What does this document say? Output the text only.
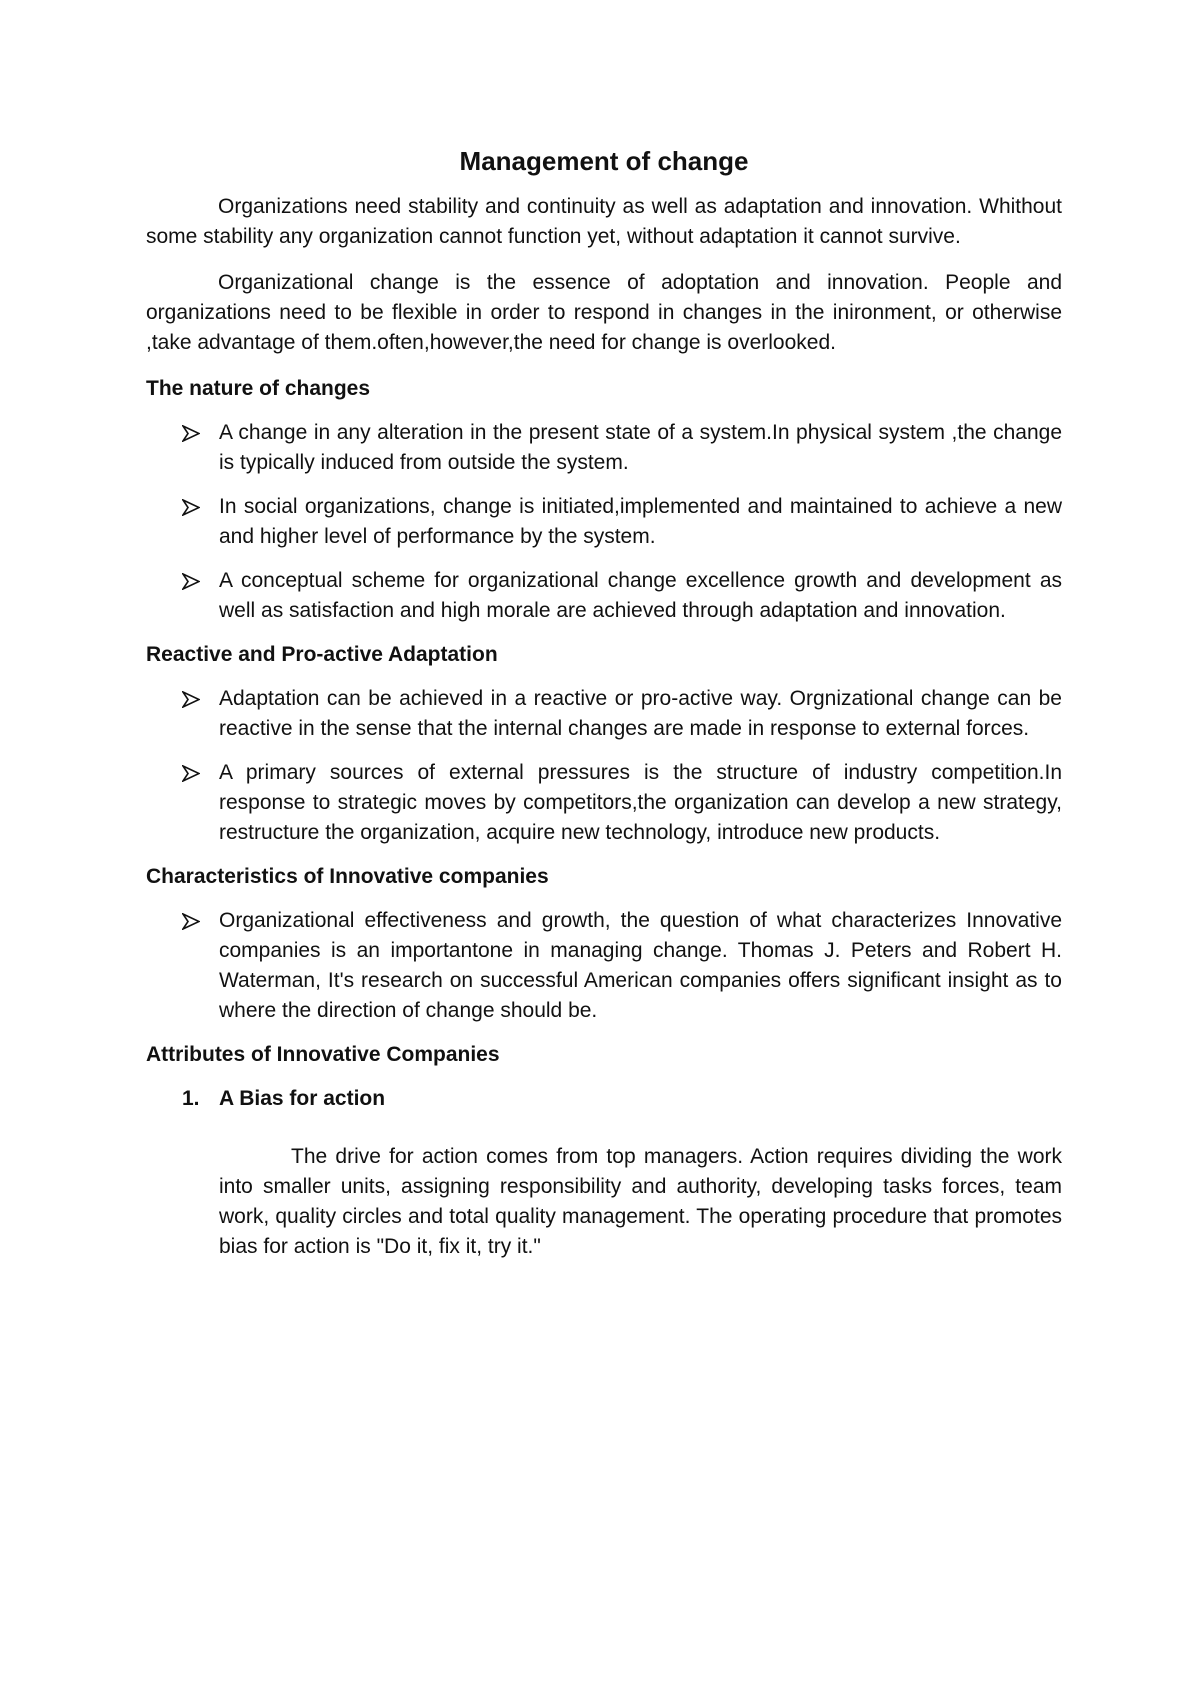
Management of change

Organizations need stability and continuity as well as adaptation and innovation. Whithout some stability any organization cannot function yet, without adaptation it cannot survive.

Organizational change is the essence of adoptation and innovation. People and organizations need to be flexible in order to respond in changes in the inironment, or otherwise ,take advantage of them.often,however,the need for change is overlooked.

The nature of changes
A change in any alteration in the present state of a system.In physical system ,the change is typically induced from outside the system.
In social organizations, change is initiated,implemented and maintained to achieve a new and higher level of performance by the system.
A conceptual scheme for organizational change excellence growth and development as well as satisfaction and high morale are achieved through adaptation and innovation.
Reactive and Pro-active Adaptation
Adaptation can be achieved in a reactive or pro-active way. Orgnizational change can be reactive in the sense that the internal changes are made in response to external forces.
A primary sources of external pressures is the structure of industry competition.In response to strategic moves by competitors,the organization can develop a new strategy, restructure the organization, acquire new technology, introduce new products.
Characteristics of Innovative companies
Organizational effectiveness and growth, the question of what characterizes Innovative companies is an importantone in managing change. Thomas J. Peters and Robert H. Waterman, It's research on successful American companies offers significant insight as to where the direction of change should be.
Attributes of Innovative Companies
1. A Bias for action
The drive for action comes from top managers. Action requires dividing the work into smaller units, assigning responsibility and authority, developing tasks forces, team work, quality circles and total quality management. The operating procedure that promotes bias for action is "Do it, fix it, try it."
